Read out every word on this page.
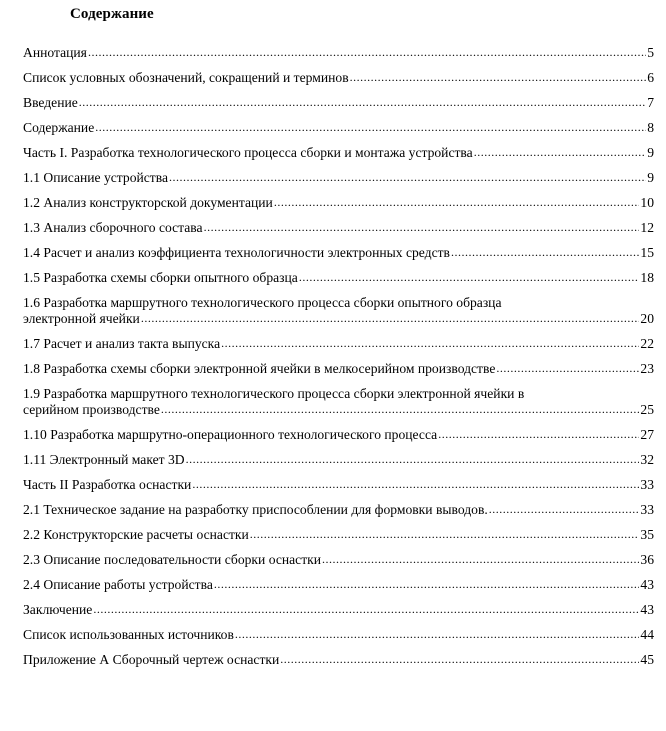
Содержание
Аннотация .....	5
Список условных обозначений, сокращений и терминов .....	6
Введение .....	7
Содержание .....	8
Часть I. Разработка технологического процесса сборки и монтажа устройства .....	9
1.1 Описание устройства .....	9
1.2 Анализ конструкторской документации .....	10
1.3 Анализ сборочного состава .....	12
1.4 Расчет и анализ коэффициента технологичности электронных средств .....	15
1.5 Разработка схемы сборки опытного образца .....	18
1.6 Разработка маршрутного технологического процесса сборки опытного образца
электронной ячейки .....	20
1.7 Расчет и анализ такта выпуска .....	22
1.8 Разработка схемы сборки электронной ячейки в мелкосерийном производстве .....	23
1.9 Разработка маршрутного технологического процесса сборки электронной ячейки в
серийном производстве .....	25
1.10 Разработка маршрутно-операционного технологического процесса .....	27
1.11 Электронный макет 3D .....	32
Часть II Разработка оснастки .....	33
2.1 Техническое задание на разработку приспособлении для формовки выводов. .....	33
2.2 Конструкторские расчеты оснастки .....	35
2.3 Описание последовательности сборки оснастки .....	36
2.4 Описание работы устройства .....	43
Заключение .....	43
Список использованных источников .....	44
Приложение А Сборочный чертеж оснастки .....	45
